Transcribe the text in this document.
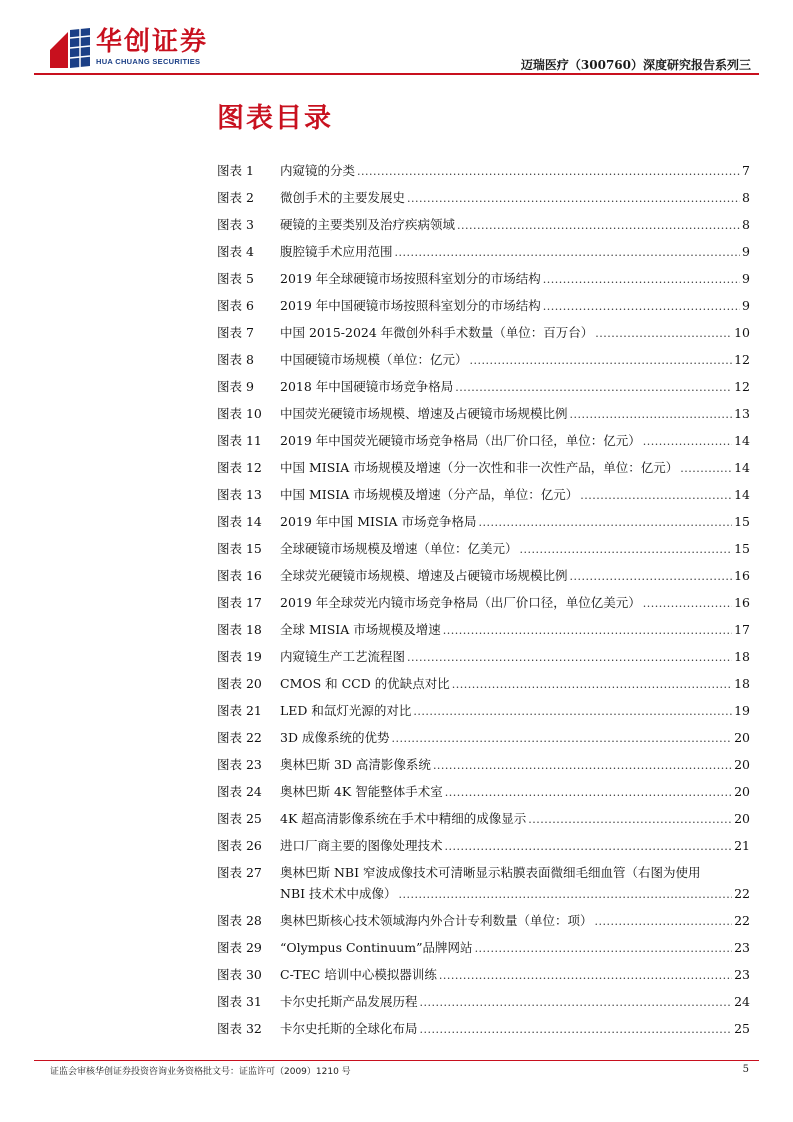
华创证券
HUA CHUANG SECURITIES	迈瑞医疗（300760）深度研究报告系列三
图表目录
图表 1	内窥镜的分类 .....	7
图表 2	微创手术的主要发展史 .....	8
图表 3	硬镜的主要类别及治疗疾病领域 .....	8
图表 4	腹腔镜手术应用范围 .....	9
图表 5	2019 年全球硬镜市场按照科室划分的市场结构 .....	9
图表 6	2019 年中国硬镜市场按照科室划分的市场结构 .....	9
图表 7	中国 2015-2024 年微创外科手术数量（单位：百万台） .....	10
图表 8	中国硬镜市场规模（单位：亿元） .....	12
图表 9	2018 年中国硬镜市场竞争格局 .....	12
图表 10	中国荧光硬镜市场规模、增速及占硬镜市场规模比例 .....	13
图表 11	2019 年中国荧光硬镜市场竞争格局（出厂价口径，单位：亿元） .....	14
图表 12	中国 MISIA 市场规模及增速（分一次性和非一次性产品，单位：亿元） .....	14
图表 13	中国 MISIA 市场规模及增速（分产品，单位：亿元） .....	14
图表 14	2019 年中国 MISIA 市场竞争格局 .....	15
图表 15	全球硬镜市场规模及增速（单位：亿美元） .....	15
图表 16	全球荧光硬镜市场规模、增速及占硬镜市场规模比例 .....	16
图表 17	2019 年全球荧光内镜市场竞争格局（出厂价口径，单位亿美元） .....	16
图表 18	全球 MISIA 市场规模及增速 .....	17
图表 19	内窥镜生产工艺流程图 .....	18
图表 20	CMOS 和 CCD 的优缺点对比 .....	18
图表 21	LED 和氙灯光源的对比 .....	19
图表 22	3D 成像系统的优势 .....	20
图表 23	奥林巴斯 3D 高清影像系统 .....	20
图表 24	奥林巴斯 4K 智能整体手术室 .....	20
图表 25	4K 超高清影像系统在手术中精细的成像显示 .....	20
图表 26	进口厂商主要的图像处理技术 .....	21
图表 27	奥林巴斯 NBI 窄波成像技术可清晰显示粘膜表面微细毛细血管（右图为使用
NBI 技术术中成像） .....	22
图表 28	奥林巴斯核心技术领域海内外合计专利数量（单位：项） .....	22
图表 29	“Olympus Continuum”品牌网站 .....	23
图表 30	C-TEC 培训中心模拟器训练 .....	23
图表 31	卡尔史托斯产品发展历程 .....	24
图表 32	卡尔史托斯的全球化布局 .....	25
证监会审核华创证券投资咨询业务资格批文号：证监许可（2009）1210 号	5
